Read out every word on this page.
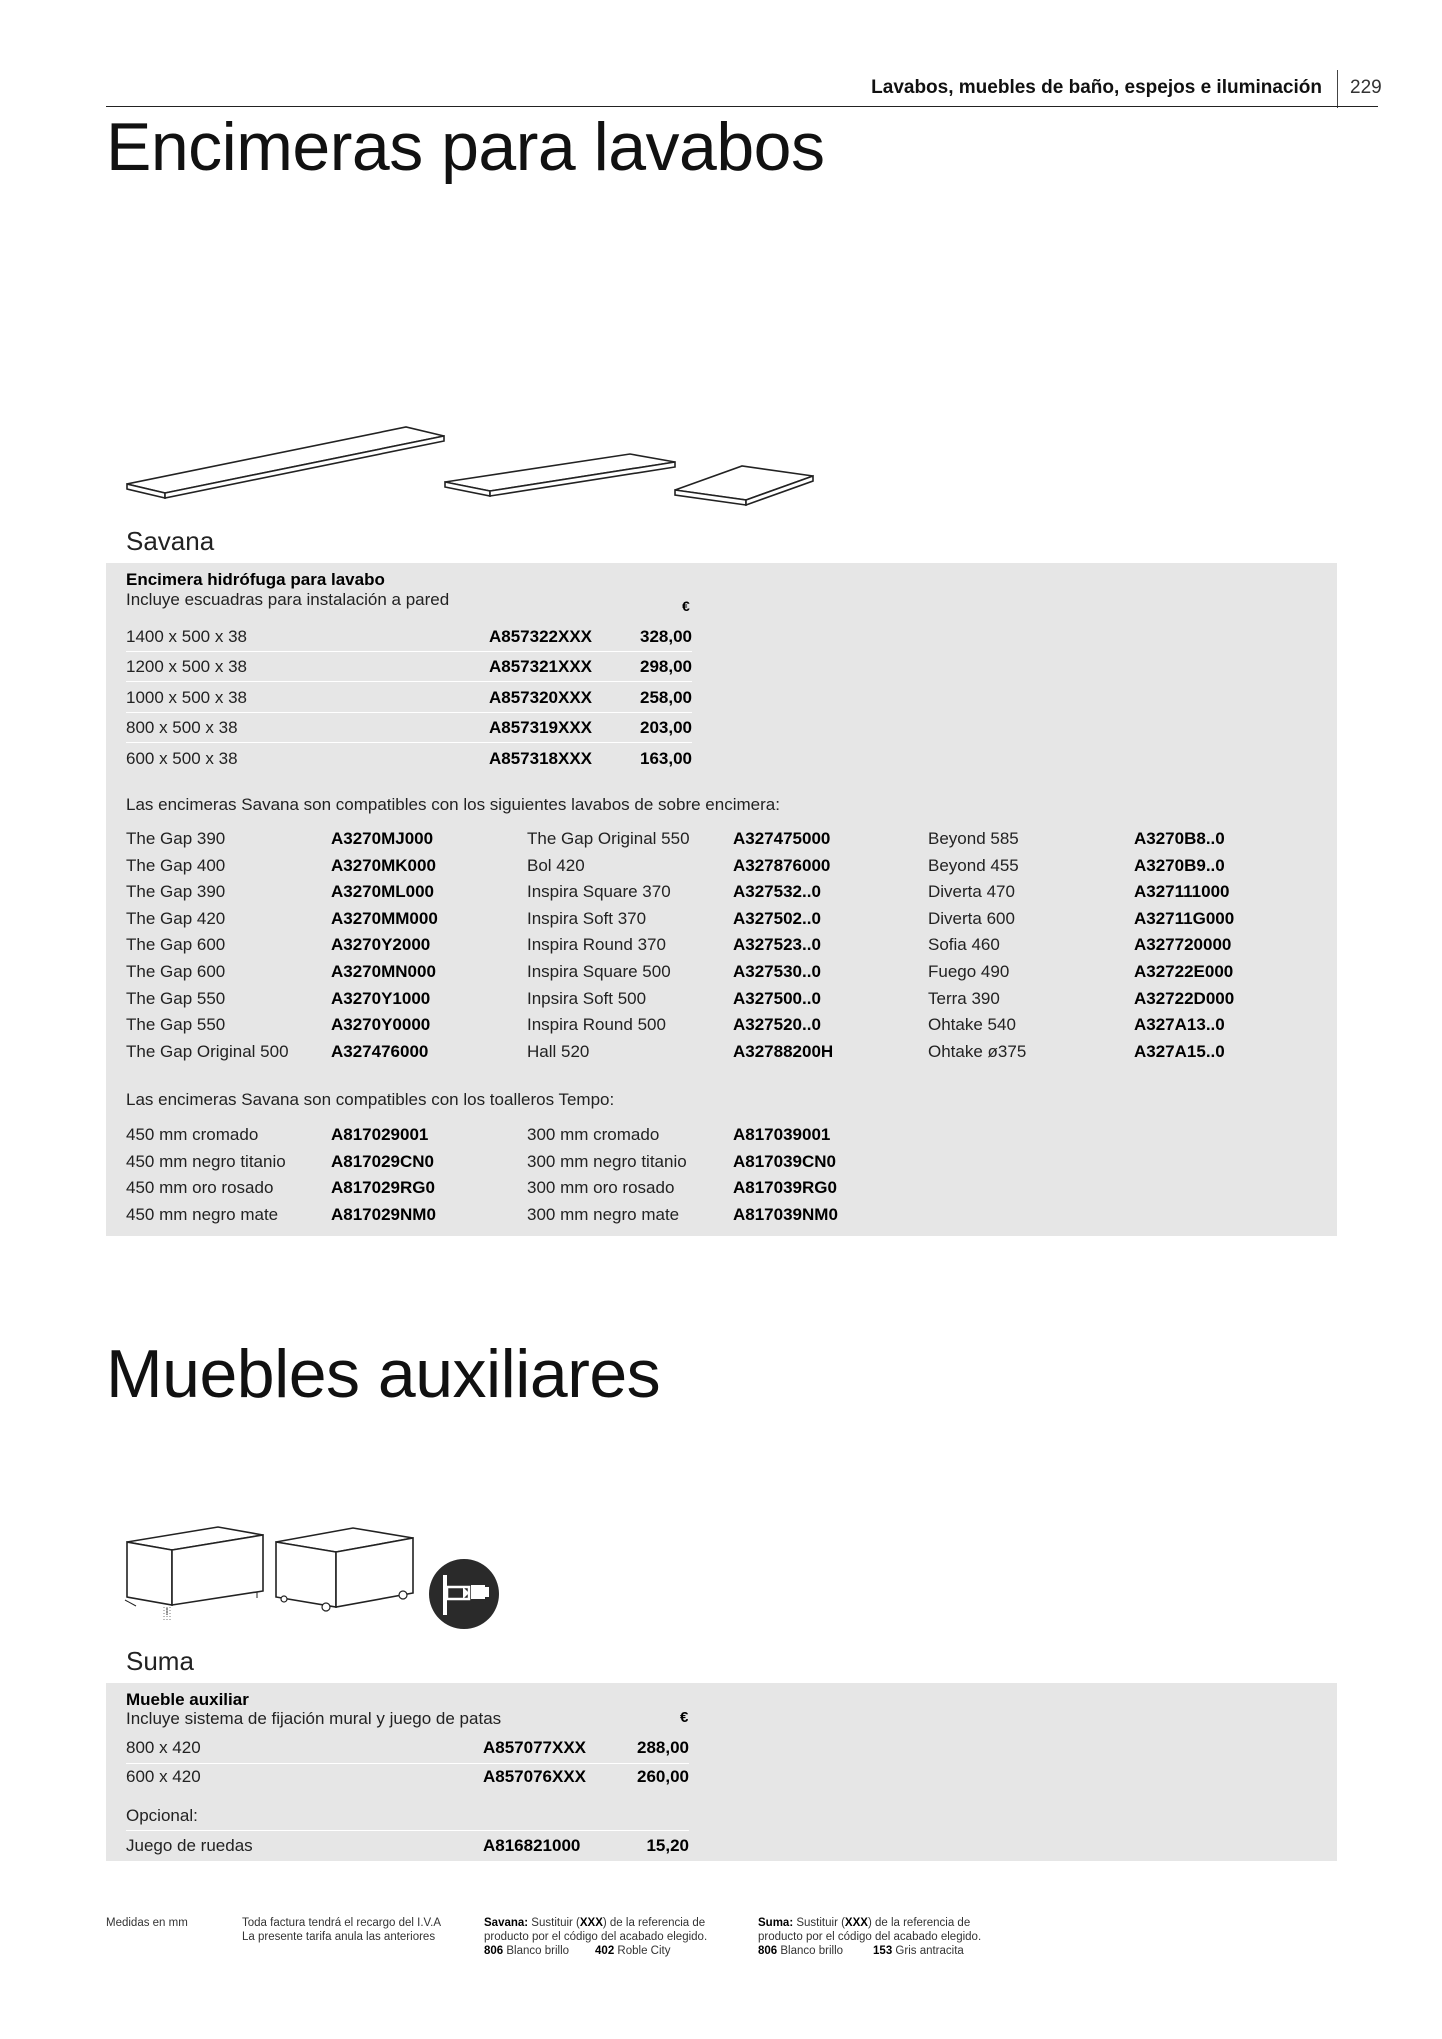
Lavabos, muebles de baño, espejos e iluminación 229
Encimeras para lavabos
Savana
Encimera hidrófuga para lavabo
Incluye escuadras para instalación a pared	€
1400 x 500 x 38	A857322XXX	328,00
1200 x 500 x 38	A857321XXX	298,00
1000 x 500 x 38	A857320XXX	258,00
800 x 500 x 38	A857319XXX	203,00
600 x 500 x 38	A857318XXX	163,00
Las encimeras Savana son compatibles con los siguientes lavabos de sobre encimera:
The Gap 390	A3270MJ000	The Gap Original 550	A327475000	Beyond 585	A3270B8..0
The Gap 400	A3270MK000	Bol 420	A327876000	Beyond 455	A3270B9..0
The Gap 390	A3270ML000	Inspira Square 370	A327532..0	Diverta 470	A327111000
The Gap 420	A3270MM000	Inspira Soft 370	A327502..0	Diverta 600	A32711G000
The Gap 600	A3270Y2000	Inspira Round 370	A327523..0	Sofia 460	A327720000
The Gap 600	A3270MN000	Inspira Square 500	A327530..0	Fuego 490	A32722E000
The Gap 550	A3270Y1000	Inpsira Soft 500	A327500..0	Terra 390	A32722D000
The Gap 550	A3270Y0000	Inspira Round 500	A327520..0	Ohtake 540	A327A13..0
The Gap Original 500 A327476000	Hall 520	A32788200H	Ohtake ø375	A327A15..0
Las encimeras Savana son compatibles con los toalleros Tempo:
450 mm cromado	A817029001	300 mm cromado	A817039001
450 mm negro titanio	A817029CN0	300 mm negro titanio	A817039CN0
450 mm oro rosado	A817029RG0	300 mm oro rosado	A817039RG0
450 mm negro mate	A817029NM0	300 mm negro mate	A817039NM0
Muebles auxiliares
Suma
Mueble auxiliar
Incluye sistema de fijación mural y juego de patas	€
800 x 420	A857077XXX	288,00
600 x 420	A857076XXX	260,00
Opcional:
Juego de ruedas	A816821000	15,20
Medidas en mm	Toda factura tendrá el recargo del I.V.A
La presente tarifa anula las anteriores
Savana: Sustituir (XXX) de la referencia de
producto por el código del acabado elegido.
806 Blanco brillo 402 Roble City
Suma: Sustituir (XXX) de la referencia de
producto por el código del acabado elegido.
806 Blanco brillo	153 Gris antracita
